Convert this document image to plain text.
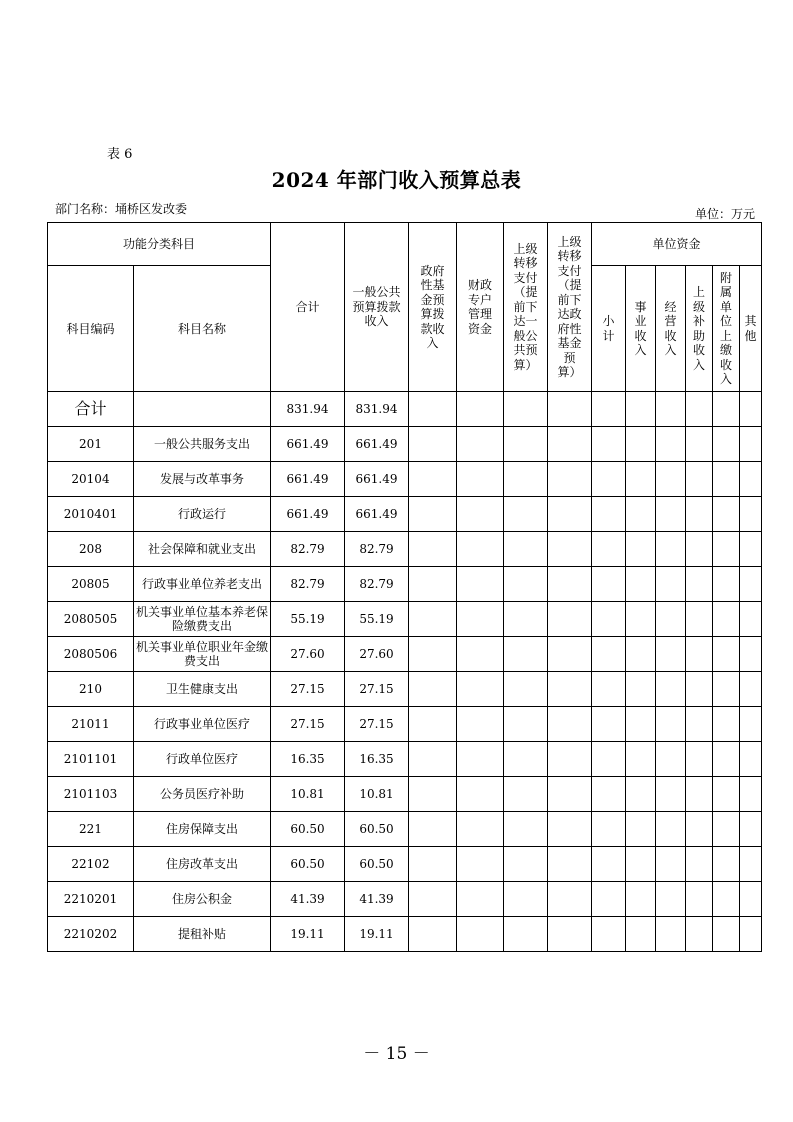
表 6
2024 年部门收入预算总表
部门名称：埇桥区发改委	单位：万元
功能分类科目		合计	一般公共预算拨款收入	政府性基金预算拨款收入	财政专户管理资金	上级转移支付（提前下达一般公共预算）	上级转移支付（提前下达政府性基金预算）	单位资金					
科目编码	科目名称							小计	事业收入	经营收入	上级补助收入	附属单位上缴收入	其他
合计		831.94	831.94										
201	一般公共服务支出	661.49	661.49										
20104	发展与改革事务	661.49	661.49										
2010401	行政运行	661.49	661.49										
208	社会保障和就业支出	82.79	82.79										
20805	行政事业单位养老支出	82.79	82.79										
2080505	机关事业单位基本养老保险缴费支出	55.19	55.19										
2080506	机关事业单位职业年金缴费支出	27.60	27.60										
210	卫生健康支出	27.15	27.15										
21011	行政事业单位医疗	27.15	27.15										
2101101	行政单位医疗	16.35	16.35										
2101103	公务员医疗补助	10.81	10.81										
221	住房保障支出	60.50	60.50										
22102	住房改革支出	60.50	60.50										
2210201	住房公积金	41.39	41.39										
2210202	提租补贴	19.11	19.11										
－ 15 －
